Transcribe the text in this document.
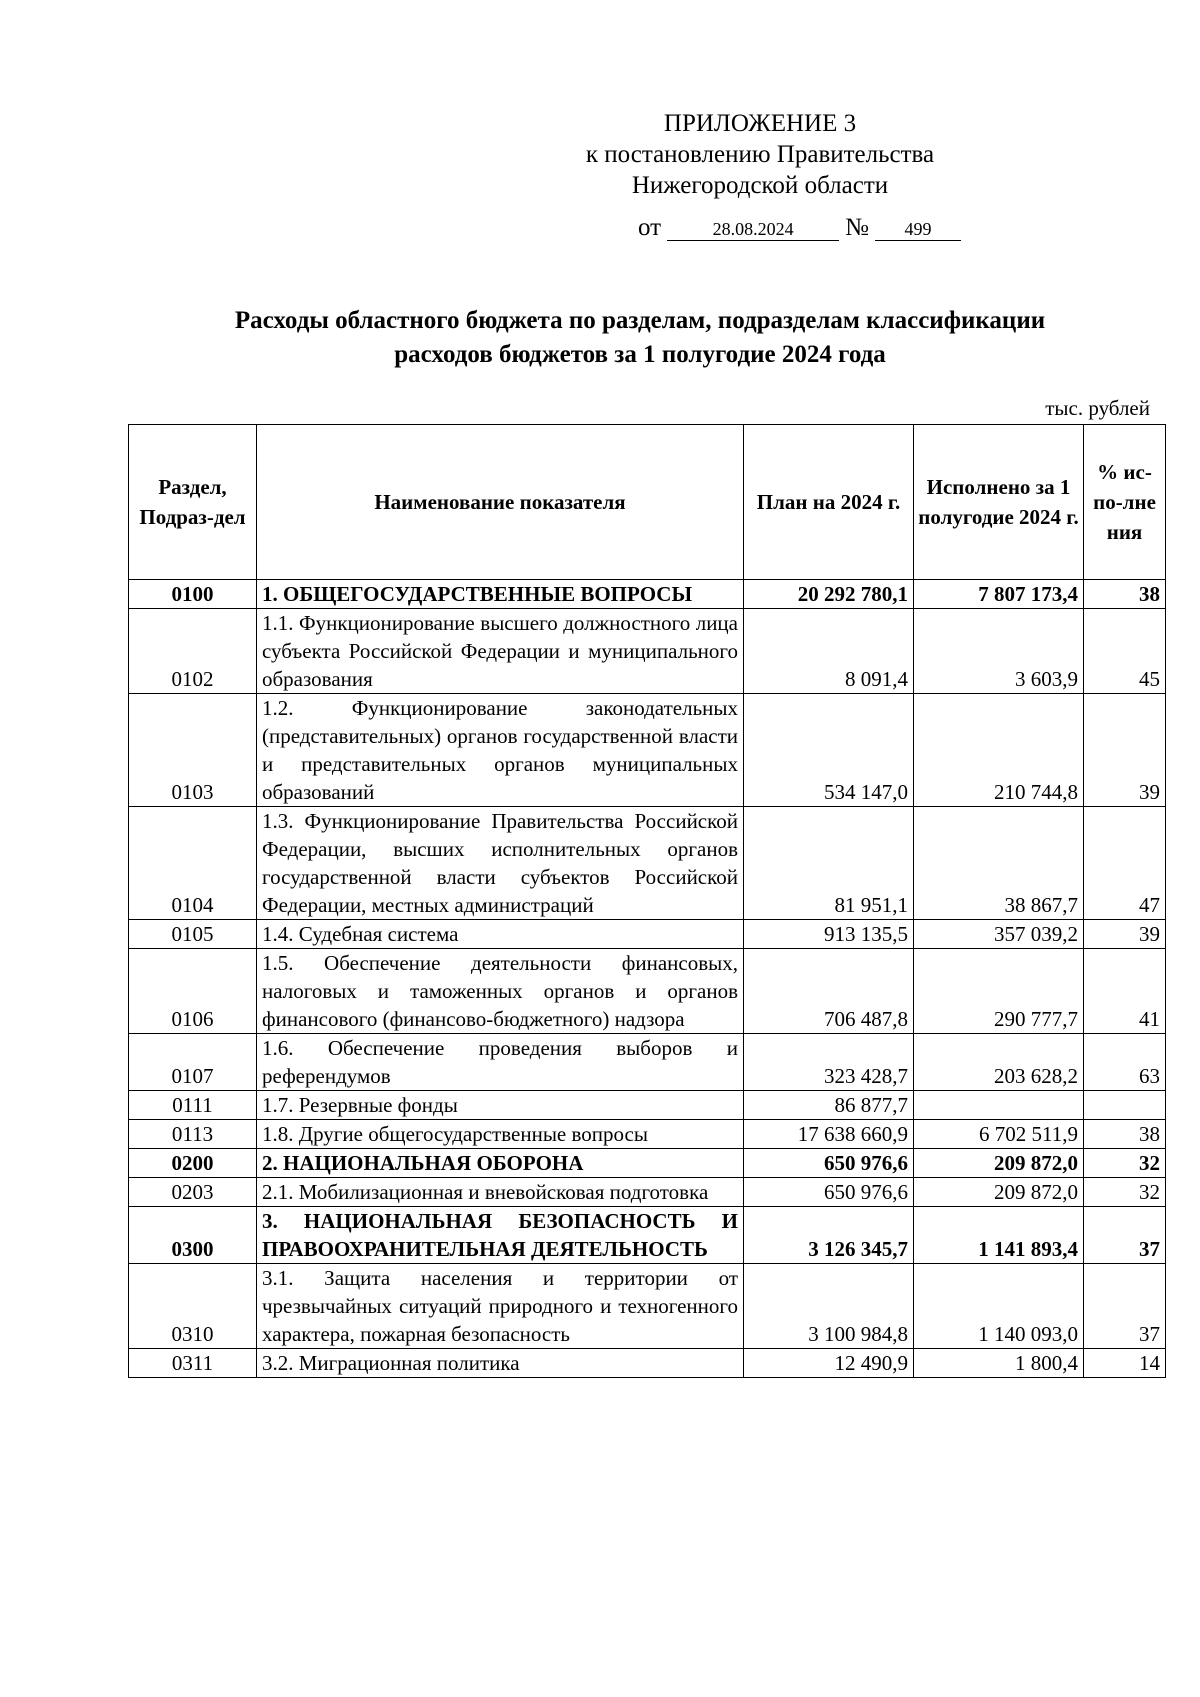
ПРИЛОЖЕНИЕ 3
к постановлению Правительства
Нижегородской области
от	28.08.2024 № 499
Расходы областного бюджета по разделам, подразделам классификации
расходов бюджетов за 1 полугодие 2024 года
тыс. рублей
Раздел, Подраз-дел	Наименование показателя	План на 2024 г.	Исполнено за 1 полугодие 2024 г.	% ис-по-лне ния
0100	1. ОБЩЕГОСУДАРСТВЕННЫЕ ВОПРОСЫ	20 292 780,1	7 807 173,4	38
0102	1.1. Функционирование высшего должностного лица субъекта Российской Федерации и муниципального образования	8 091,4	3 603,9	45
0103	1.2. Функционирование законодательных (представительных) органов государственной власти и представительных органов муниципальных образований	534 147,0	210 744,8	39
0104	1.3. Функционирование Правительства Российской Федерации, высших исполнительных органов государственной власти субъектов Российской Федерации, местных администраций	81 951,1	38 867,7	47
0105	1.4. Судебная система	913 135,5	357 039,2	39
0106	1.5. Обеспечение деятельности финансовых, налоговых и таможенных органов и органов финансового (финансово-бюджетного) надзора	706 487,8	290 777,7	41
0107	1.6. Обеспечение проведения выборов и референдумов	323 428,7	203 628,2	63
0111	1.7. Резервные фонды	86 877,7		
0113	1.8. Другие общегосударственные вопросы	17 638 660,9	6 702 511,9	38
0200	2. НАЦИОНАЛЬНАЯ ОБОРОНА	650 976,6	209 872,0	32
0203	2.1. Мобилизационная и вневойсковая подготовка	650 976,6	209 872,0	32
0300	3. НАЦИОНАЛЬНАЯ БЕЗОПАСНОСТЬ И ПРАВООХРАНИТЕЛЬНАЯ ДЕЯТЕЛЬНОСТЬ	3 126 345,7	1 141 893,4	37
0310	3.1. Защита населения и территории от чрезвычайных ситуаций природного и техногенного характера, пожарная безопасность	3 100 984,8	1 140 093,0	37
0311	3.2. Миграционная политика	12 490,9	1 800,4	14
